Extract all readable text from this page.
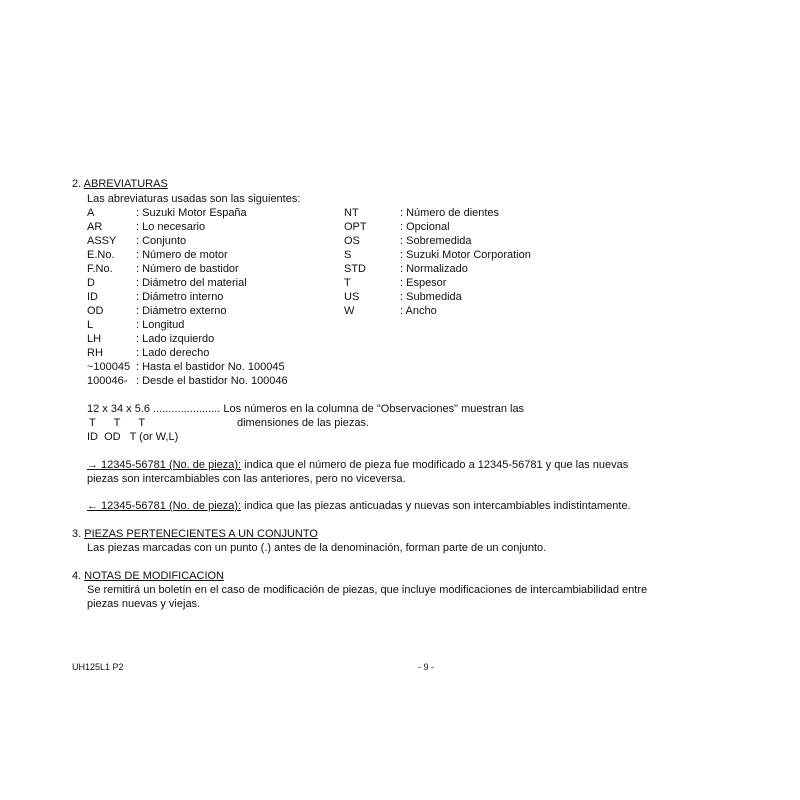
2. ABREVIATURAS
Las abreviaturas usadas son las siguientes:
A	: Suzuki Motor España
AR	: Lo necesario
ASSY : Conjunto
E.No. : Número de motor
F.No. : Número de bastidor
D	: Diámetro del material
ID	: Diámetro interno
OD	: Diámetro externo
L	: Longitud
LH	: Lado izquierdo
RH	: Lado derecho
~100045 : Hasta el bastidor No. 100045
100046- : Desde el bastidor No. 100046
NT	: Número de dientes
OPT	: Opcional
OS	: Sobremedida
S	: Suzuki Motor Corporation
STD	: Normalizado
T	: Espesor
US	: Submedida
W	: Ancho
12 x 34 x 5.6 ...................... Los números en la columna de "Observaciones" muestran las
T      T      T	dimensiones de las piezas.
ID  OD   T (or W,L)
→ 12345-56781 (No. de pieza): indica que el número de pieza fue modificado a 12345-56781 y que las nuevas
piezas son intercambiables con las anteriores, pero no viceversa.
← 12345-56781 (No. de pieza): indica que las piezas anticuadas y nuevas son intercambiables indistintamente.
3. PIEZAS PERTENECIENTES A UN CONJUNTO
Las piezas marcadas con un punto (.) antes de la denominación, forman parte de un conjunto.
4. NOTAS DE MODIFICACION
Se remitirá un boletín en el caso de modificación de piezas, que incluye modificaciones de intercambiabilidad entre
piezas nuevas y viejas.
UH125L1 P2	- 9 -
